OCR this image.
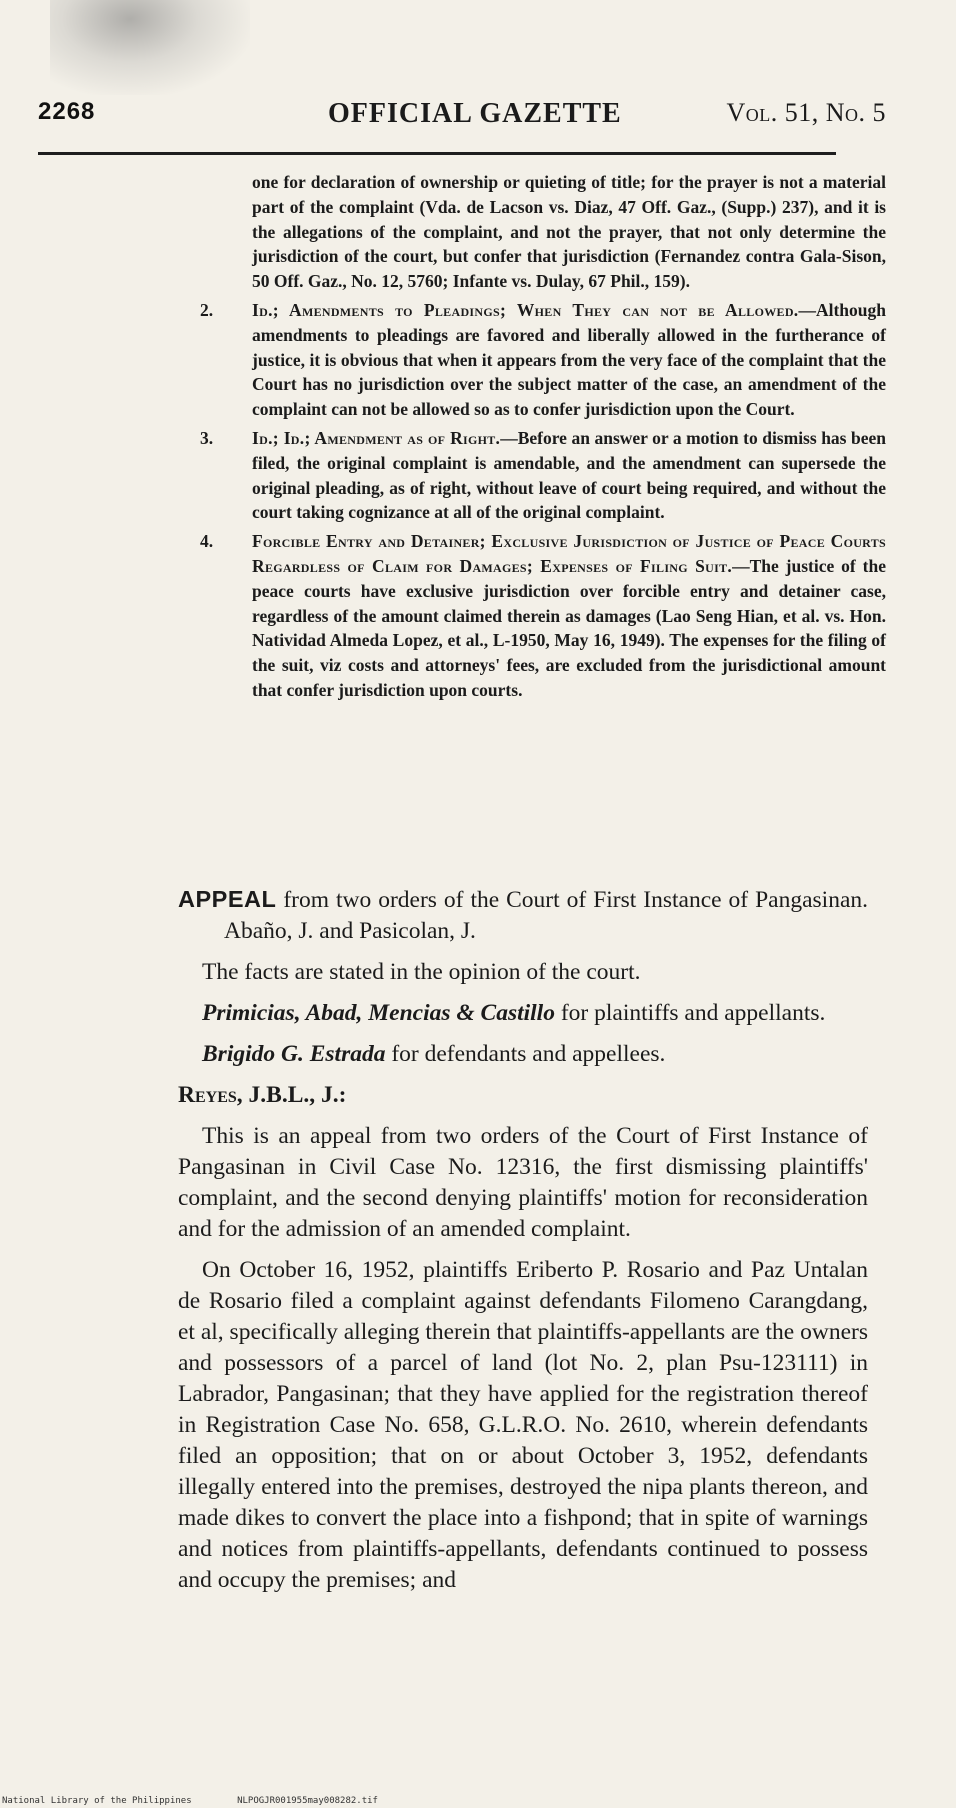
2268	OFFICIAL GAZETTE	Vol. 51, No. 5

one for declaration of ownership or quieting of title; for the prayer is not a material part of the complaint (Vda. de Lacson vs. Diaz, 47 Off. Gaz., (Supp.) 237), and it is the allegations of the complaint, and not the prayer, that not only determine the jurisdiction of the court, but confer that jurisdiction (Fernandez contra Gala-Sison, 50 Off. Gaz., No. 12, 5760; Infante vs. Dulay, 67 Phil., 159).

2. Id.; Amendments to Pleadings; When They can not be Allowed.—Although amendments to pleadings are favored and liberally allowed in the furtherance of justice, it is obvious that when it appears from the very face of the complaint that the Court has no jurisdiction over the subject matter of the case, an amendment of the complaint can not be allowed so as to confer jurisdiction upon the Court.

3. Id.; Id.; Amendment as of Right.—Before an answer or a motion to dismiss has been filed, the original complaint is amendable, and the amendment can supersede the original pleading, as of right, without leave of court being required, and without the court taking cognizance at all of the original complaint.

4. Forcible Entry and Detainer; Exclusive Jurisdiction of Justice of Peace Courts Regardless of Claim for Damages; Expenses of Filing Suit.—The justice of the peace courts have exclusive jurisdiction over forcible entry and detainer case, regardless of the amount claimed therein as damages (Lao Seng Hian, et al. vs. Hon. Natividad Almeda Lopez, et al., L-1950, May 16, 1949). The expenses for the filing of the suit, viz costs and attorneys' fees, are excluded from the jurisdictional amount that confer jurisdiction upon courts.

APPEAL from two orders of the Court of First Instance of Pangasinan. Abaño, J. and Pasicolan, J.

The facts are stated in the opinion of the court.

Primicias, Abad, Mencias & Castillo for plaintiffs and appellants.

Brigido G. Estrada for defendants and appellees.

Reyes, J.B.L., J.:

This is an appeal from two orders of the Court of First Instance of Pangasinan in Civil Case No. 12316, the first dismissing plaintiffs' complaint, and the second denying plaintiffs' motion for reconsideration and for the admission of an amended complaint.

On October 16, 1952, plaintiffs Eriberto P. Rosario and Paz Untalan de Rosario filed a complaint against defendants Filomeno Carangdang, et al, specifically alleging therein that plaintiffs-appellants are the owners and possessors of a parcel of land (lot No. 2, plan Psu-123111) in Labrador, Pangasinan; that they have applied for the registration thereof in Registration Case No. 658, G.L.R.O. No. 2610, wherein defendants filed an opposition; that on or about October 3, 1952, defendants illegally entered into the premises, destroyed the nipa plants thereon, and made dikes to convert the place into a fishpond; that in spite of warnings and notices from plaintiffs-appellants, defendants continued to possess and occupy the premises; and

National Library of the Philippines	NLPOGJR001955may008282.tif
